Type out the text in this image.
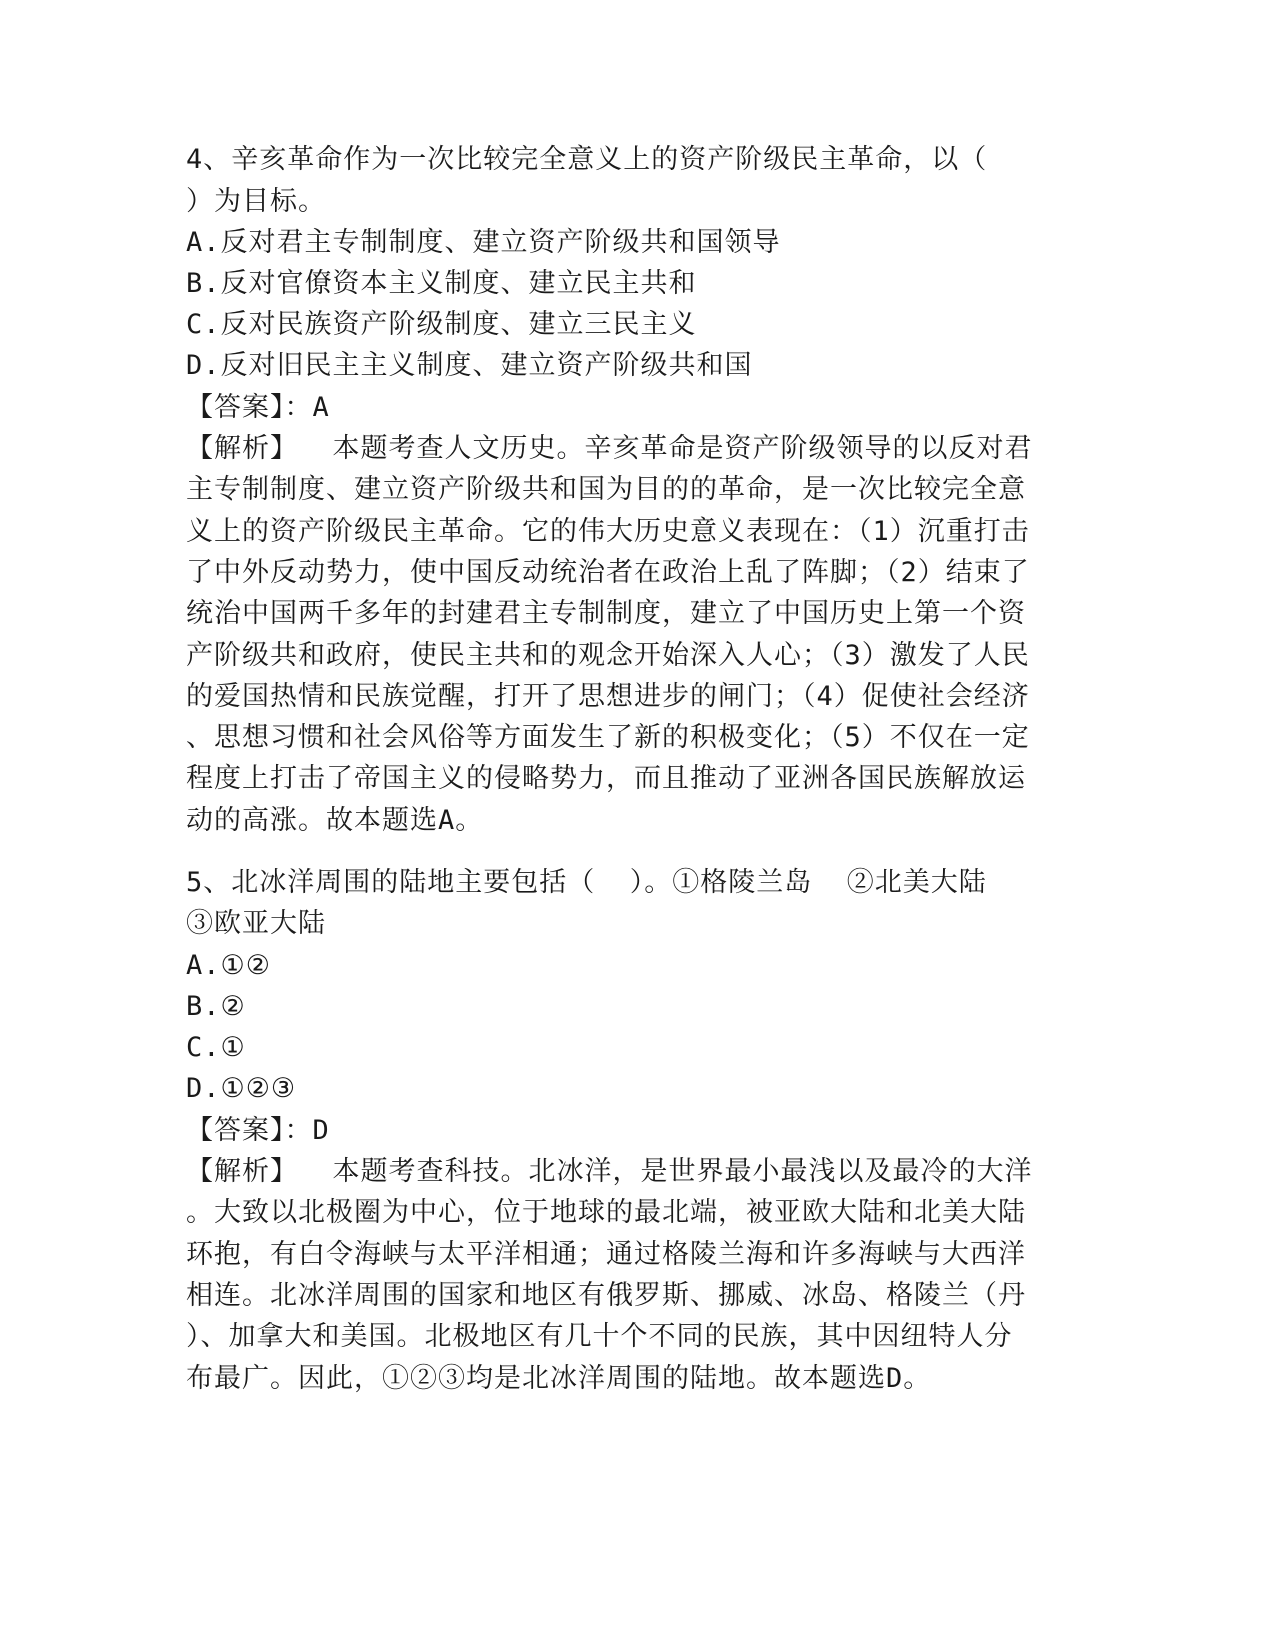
4、辛亥革命作为一次比较完全意义上的资产阶级民主革命，以（

）为目标。

A.反对君主专制制度、建立资产阶级共和国领导

B.反对官僚资本主义制度、建立民主共和

C.反对民族资产阶级制度、建立三民主义

D.反对旧民主主义制度、建立资产阶级共和国

【答案】：A

【解析】  本题考查人文历史。辛亥革命是资产阶级领导的以反对君

主专制制度、建立资产阶级共和国为目的的革命，是一次比较完全意

义上的资产阶级民主革命。它的伟大历史意义表现在：（1）沉重打击

了中外反动势力，使中国反动统治者在政治上乱了阵脚；（2）结束了

统治中国两千多年的封建君主专制制度，建立了中国历史上第一个资

产阶级共和政府，使民主共和的观念开始深入人心；（3）激发了人民

的爱国热情和民族觉醒，打开了思想进步的闸门；（4）促使社会经济

、思想习惯和社会风俗等方面发生了新的积极变化；（5）不仅在一定

程度上打击了帝国主义的侵略势力，而且推动了亚洲各国民族解放运

动的高涨。故本题选A。

5、北冰洋周围的陆地主要包括（  ）。①格陵兰岛  ②北美大陆

③欧亚大陆

A.①②

B.②

C.①

D.①②③

【答案】：D

【解析】  本题考查科技。北冰洋，是世界最小最浅以及最冷的大洋

。大致以北极圈为中心，位于地球的最北端，被亚欧大陆和北美大陆

环抱，有白令海峡与太平洋相通；通过格陵兰海和许多海峡与大西洋

相连。北冰洋周围的国家和地区有俄罗斯、挪威、冰岛、格陵兰（丹

）、加拿大和美国。北极地区有几十个不同的民族，其中因纽特人分

布最广。因此，①②③均是北冰洋周围的陆地。故本题选D。
